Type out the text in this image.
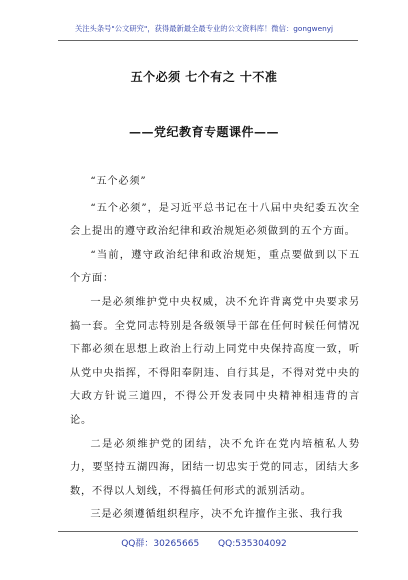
关注头条号"公文研究"，获得最新最全最专业的公文资料库！微信：gongwenyj
五个必须 七个有之 十不准
——党纪教育专题课件——

“五个必须”

“五个必须”，是习近平总书记在十八届中央纪委五次全会上提出的遵守政治纪律和政治规矩必须做到的五个方面。

“当前，遵守政治纪律和政治规矩，重点要做到以下五个方面：

一是必须维护党中央权威，决不允许背离党中央要求另搞一套。全党同志特别是各级领导干部在任何时候任何情况下都必须在思想上政治上行动上同党中央保持高度一致，听从党中央指挥，不得阳奉阴违、自行其是，不得对党中央的大政方针说三道四，不得公开发表同中央精神相违背的言论。

二是必须维护党的团结，决不允许在党内培植私人势力，要坚持五湖四海，团结一切忠实于党的同志，团结大多数，不得以人划线，不得搞任何形式的派别活动。

三是必须遵循组织程序，决不允许擅作主张、我行我

QQ群：30265665 QQ:535304092
